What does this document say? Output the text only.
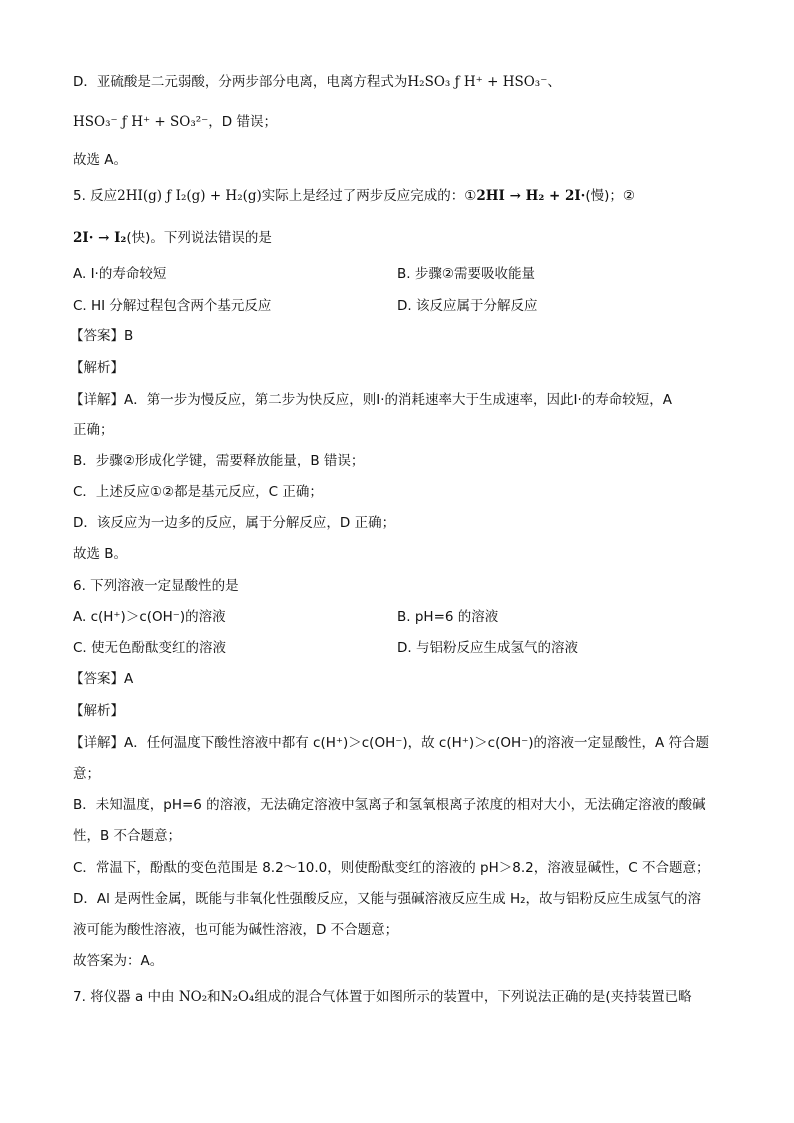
D．亚硫酸是二元弱酸，分两步部分电离，电离方程式为H₂SO₃ ƒ H⁺ + HSO₃⁻、
HSO₃⁻ ƒ H⁺ + SO₃²⁻，D 错误；
故选 A。
5. 反应2HI(g) ƒ I₂(g) + H₂(g)实际上是经过了两步反应完成的：①2HI → H₂ + 2I·(慢)；②
2I· → I₂(快)。下列说法错误的是
A. I·的寿命较短	B. 步骤②需要吸收能量
C. HI 分解过程包含两个基元反应	D. 该反应属于分解反应
【答案】B
【解析】
【详解】A．第一步为慢反应，第二步为快反应，则I·的消耗速率大于生成速率，因此I·的寿命较短，A
正确；
B．步骤②形成化学键，需要释放能量，B 错误；
C．上述反应①②都是基元反应，C 正确；
D．该反应为一边多的反应，属于分解反应，D 正确；
故选 B。
6. 下列溶液一定显酸性的是
A. c(H⁺)＞c(OH⁻)的溶液	B. pH=6 的溶液
C. 使无色酚酞变红的溶液	D. 与铝粉反应生成氢气的溶液
【答案】A
【解析】
【详解】A．任何温度下酸性溶液中都有 c(H⁺)＞c(OH⁻)，故 c(H⁺)＞c(OH⁻)的溶液一定显酸性，A 符合题
意；
B．未知温度，pH=6 的溶液，无法确定溶液中氢离子和氢氧根离子浓度的相对大小，无法确定溶液的酸碱
性，B 不合题意；
C．常温下，酚酞的变色范围是 8.2～10.0，则使酚酞变红的溶液的 pH＞8.2，溶液显碱性，C 不合题意；
D．Al 是两性金属，既能与非氧化性强酸反应，又能与强碱溶液反应生成 H₂，故与铝粉反应生成氢气的溶
液可能为酸性溶液，也可能为碱性溶液，D 不合题意；
故答案为：A。
7. 将仪器 a 中由 NO₂和N₂O₄组成的混合气体置于如图所示的装置中，下列说法正确的是(夹持装置已略
